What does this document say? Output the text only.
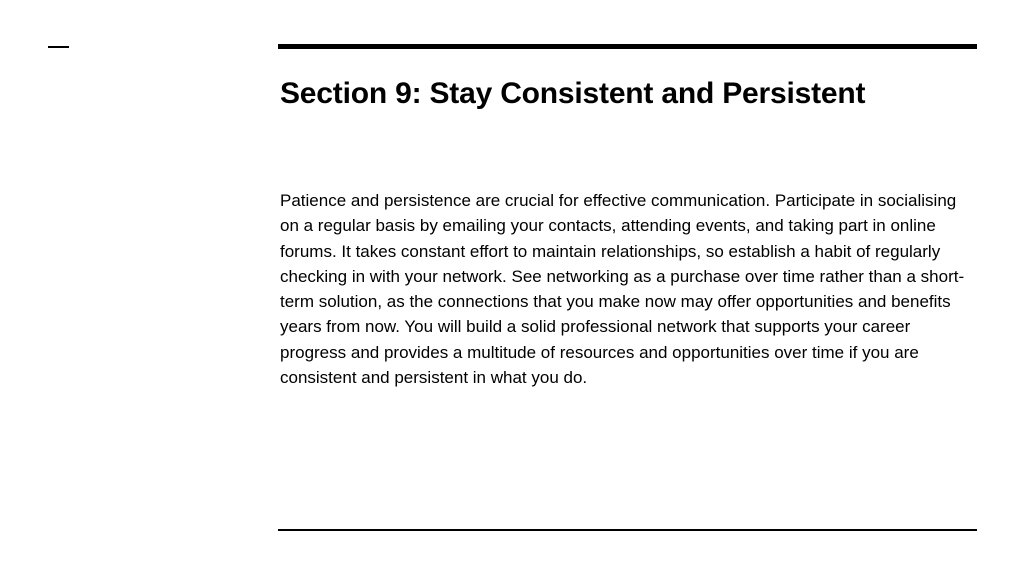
Section 9: Stay Consistent and Persistent

Patience and persistence are crucial for effective communication. Participate in socialising on a regular basis by emailing your contacts, attending events, and taking part in online forums. It takes constant effort to maintain relationships, so establish a habit of regularly checking in with your network. See networking as a purchase over time rather than a short-term solution, as the connections that you make now may offer opportunities and benefits years from now. You will build a solid professional network that supports your career progress and provides a multitude of resources and opportunities over time if you are consistent and persistent in what you do.
